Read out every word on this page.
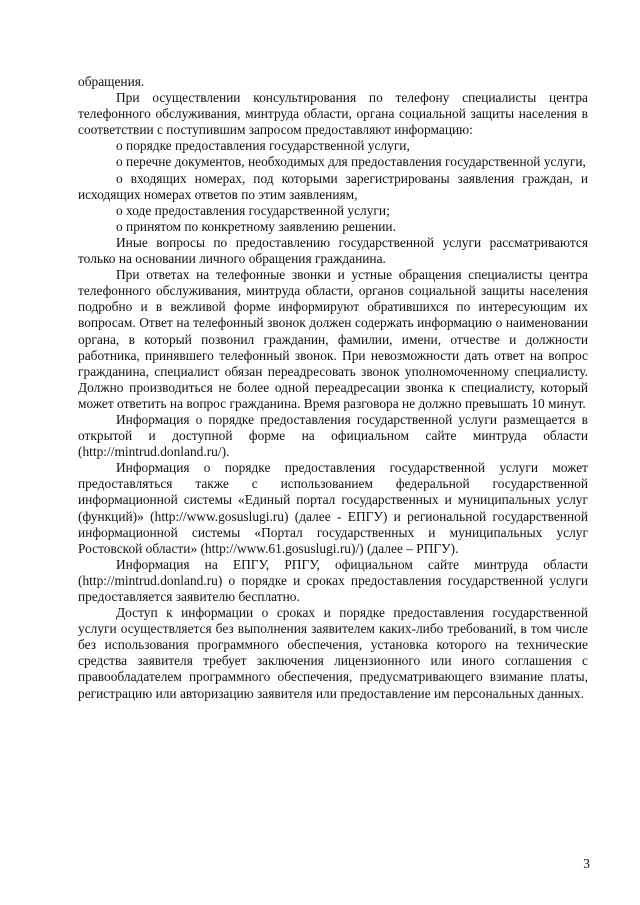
обращения.

При осуществлении консультирования по телефону специалисты центра телефонного обслуживания, минтруда области, органа социальной защиты населения в соответствии с поступившим запросом предоставляют информацию:

о порядке предоставления государственной услуги,

о перечне документов, необходимых для предоставления государственной услуги,

о входящих номерах, под которыми зарегистрированы заявления граждан, и исходящих номерах ответов по этим заявлениям,

о ходе предоставления государственной услуги;

о принятом по конкретному заявлению решении.

Иные вопросы по предоставлению государственной услуги рассматриваются только на основании личного обращения гражданина.

При ответах на телефонные звонки и устные обращения специалисты центра телефонного обслуживания, минтруда области, органов социальной защиты населения подробно и в вежливой форме информируют обратившихся по интересующим их вопросам. Ответ на телефонный звонок должен содержать информацию о наименовании органа, в который позвонил гражданин, фамилии, имени, отчестве и должности работника, принявшего телефонный звонок. При невозможности дать ответ на вопрос гражданина, специалист обязан переадресовать звонок уполномоченному специалисту. Должно производиться не более одной переадресации звонка к специалисту, который может ответить на вопрос гражданина. Время разговора не должно превышать 10 минут.

Информация о порядке предоставления государственной услуги размещается в открытой и доступной форме на официальном сайте минтруда области (http://mintrud.donland.ru/).

Информация о порядке предоставления государственной услуги может предоставляться также с использованием федеральной государственной информационной системы «Единый портал государственных и муниципальных услуг (функций)» (http://www.gosuslugi.ru) (далее - ЕПГУ) и региональной государственной информационной системы «Портал государственных и муниципальных услуг Ростовской области» (http://www.61.gosuslugi.ru)/) (далее – РПГУ).

Информация на ЕПГУ, РПГУ, официальном сайте минтруда области (http://mintrud.donland.ru) о порядке и сроках предоставления государственной услуги предоставляется заявителю бесплатно.

Доступ к информации о сроках и порядке предоставления государственной услуги осуществляется без выполнения заявителем каких-либо требований, в том числе без использования программного обеспечения, установка которого на технические средства заявителя требует заключения лицензионного или иного соглашения с правообладателем программного обеспечения, предусматривающего взимание платы, регистрацию или авторизацию заявителя или предоставление им персональных данных.

3
